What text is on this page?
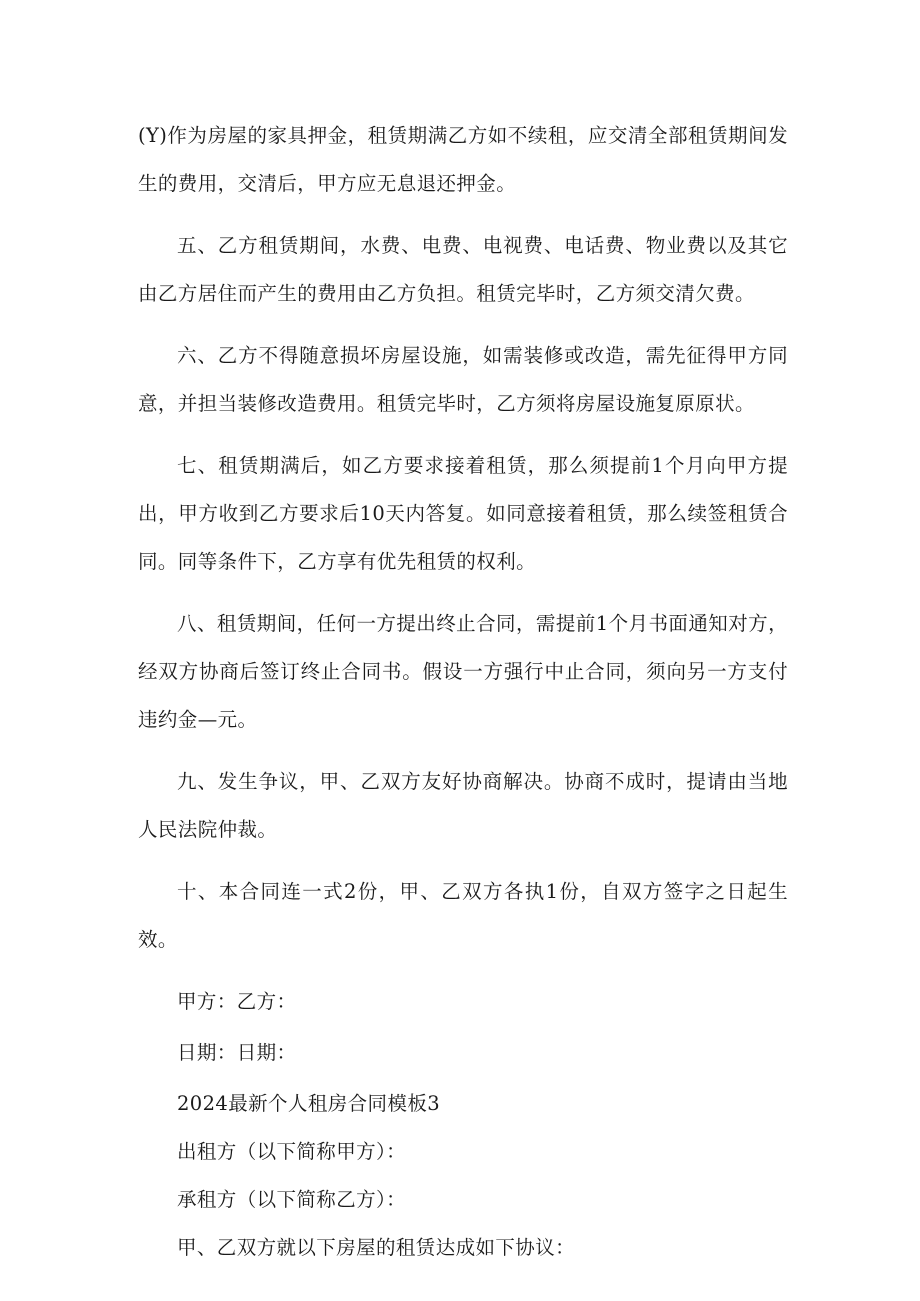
(Y)作为房屋的家具押金，租赁期满乙方如不续租，应交清全部租赁期间发生的费用，交清后，甲方应无息退还押金。

五、乙方租赁期间，水费、电费、电视费、电话费、物业费以及其它由乙方居住而产生的费用由乙方负担。租赁完毕时，乙方须交清欠费。

六、乙方不得随意损坏房屋设施，如需装修或改造，需先征得甲方同意，并担当装修改造费用。租赁完毕时，乙方须将房屋设施复原原状。

七、租赁期满后，如乙方要求接着租赁，那么须提前1个月向甲方提出，甲方收到乙方要求后10天内答复。如同意接着租赁，那么续签租赁合同。同等条件下，乙方享有优先租赁的权利。

八、租赁期间，任何一方提出终止合同，需提前1个月书面通知对方，经双方协商后签订终止合同书。假设一方强行中止合同，须向另一方支付违约金—元。

九、发生争议，甲、乙双方友好协商解决。协商不成时，提请由当地人民法院仲裁。

十、本合同连一式2份，甲、乙双方各执1份，自双方签字之日起生效。

甲方：乙方：

日期：日期：

2024最新个人租房合同模板3

出租方（以下简称甲方）：

承租方（以下简称乙方）：

甲、乙双方就以下房屋的租赁达成如下协议：
